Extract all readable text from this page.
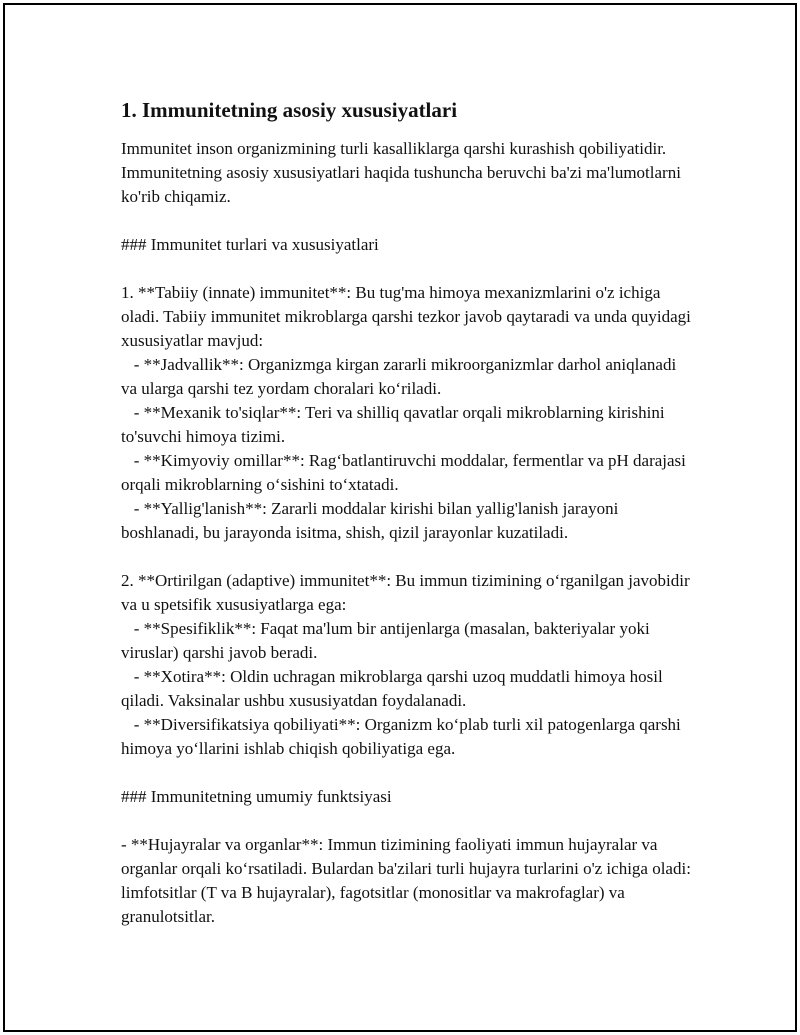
1. Immunitetning asosiy xususiyatlari
Immunitet inson organizmining turli kasalliklarga qarshi kurashish qobiliyatidir. Immunitetning asosiy xususiyatlari haqida tushuncha beruvchi ba'zi ma'lumotlarni ko'rib chiqamiz.
### Immunitet turlari va xususiyatlari
1. **Tabiiy (innate) immunitet**: Bu tug'ma himoya mexanizmlarini o'z ichiga oladi. Tabiiy immunitet mikroblarga qarshi tezkor javob qaytaradi va unda quyidagi xususiyatlar mavjud:
- **Jadvallik**: Organizmga kirgan zararli mikroorganizmlar darhol aniqlanadi va ularga qarshi tez yordam choralari ko‘riladi.
- **Mexanik to'siqlar**: Teri va shilliq qavatlar orqali mikroblarning kirishini to'suvchi himoya tizimi.
- **Kimyoviy omillar**: Rag‘batlantiruvchi moddalar, fermentlar va pH darajasi orqali mikroblarning o‘sishini to‘xtatadi.
- **Yallig'lanish**: Zararli moddalar kirishi bilan yallig'lanish jarayoni boshlanadi, bu jarayonda isitma, shish, qizil jarayonlar kuzatiladi.
2. **Ortirilgan (adaptive) immunitet**: Bu immun tizimining o‘rganilgan javobidir va u spetsifik xususiyatlarga ega:
- **Spesifiklik**: Faqat ma'lum bir antijenlarga (masalan, bakteriyalar yoki viruslar) qarshi javob beradi.
- **Xotira**: Oldin uchragan mikroblarga qarshi uzoq muddatli himoya hosil qiladi. Vaksinalar ushbu xususiyatdan foydalanadi.
- **Diversifikatsiya qobiliyati**: Organizm ko‘plab turli xil patogenlarga qarshi himoya yo‘llarini ishlab chiqish qobiliyatiga ega.
### Immunitetning umumiy funktsiyasi
- **Hujayralar va organlar**: Immun tizimining faoliyati immun hujayralar va organlar orqali ko‘rsatiladi. Bulardan ba'zilari turli hujayra turlarini o'z ichiga oladi: limfotsitlar (T va B hujayralar), fagotsitlar (monositlar va makrofaglar) va granulotsitlar.
